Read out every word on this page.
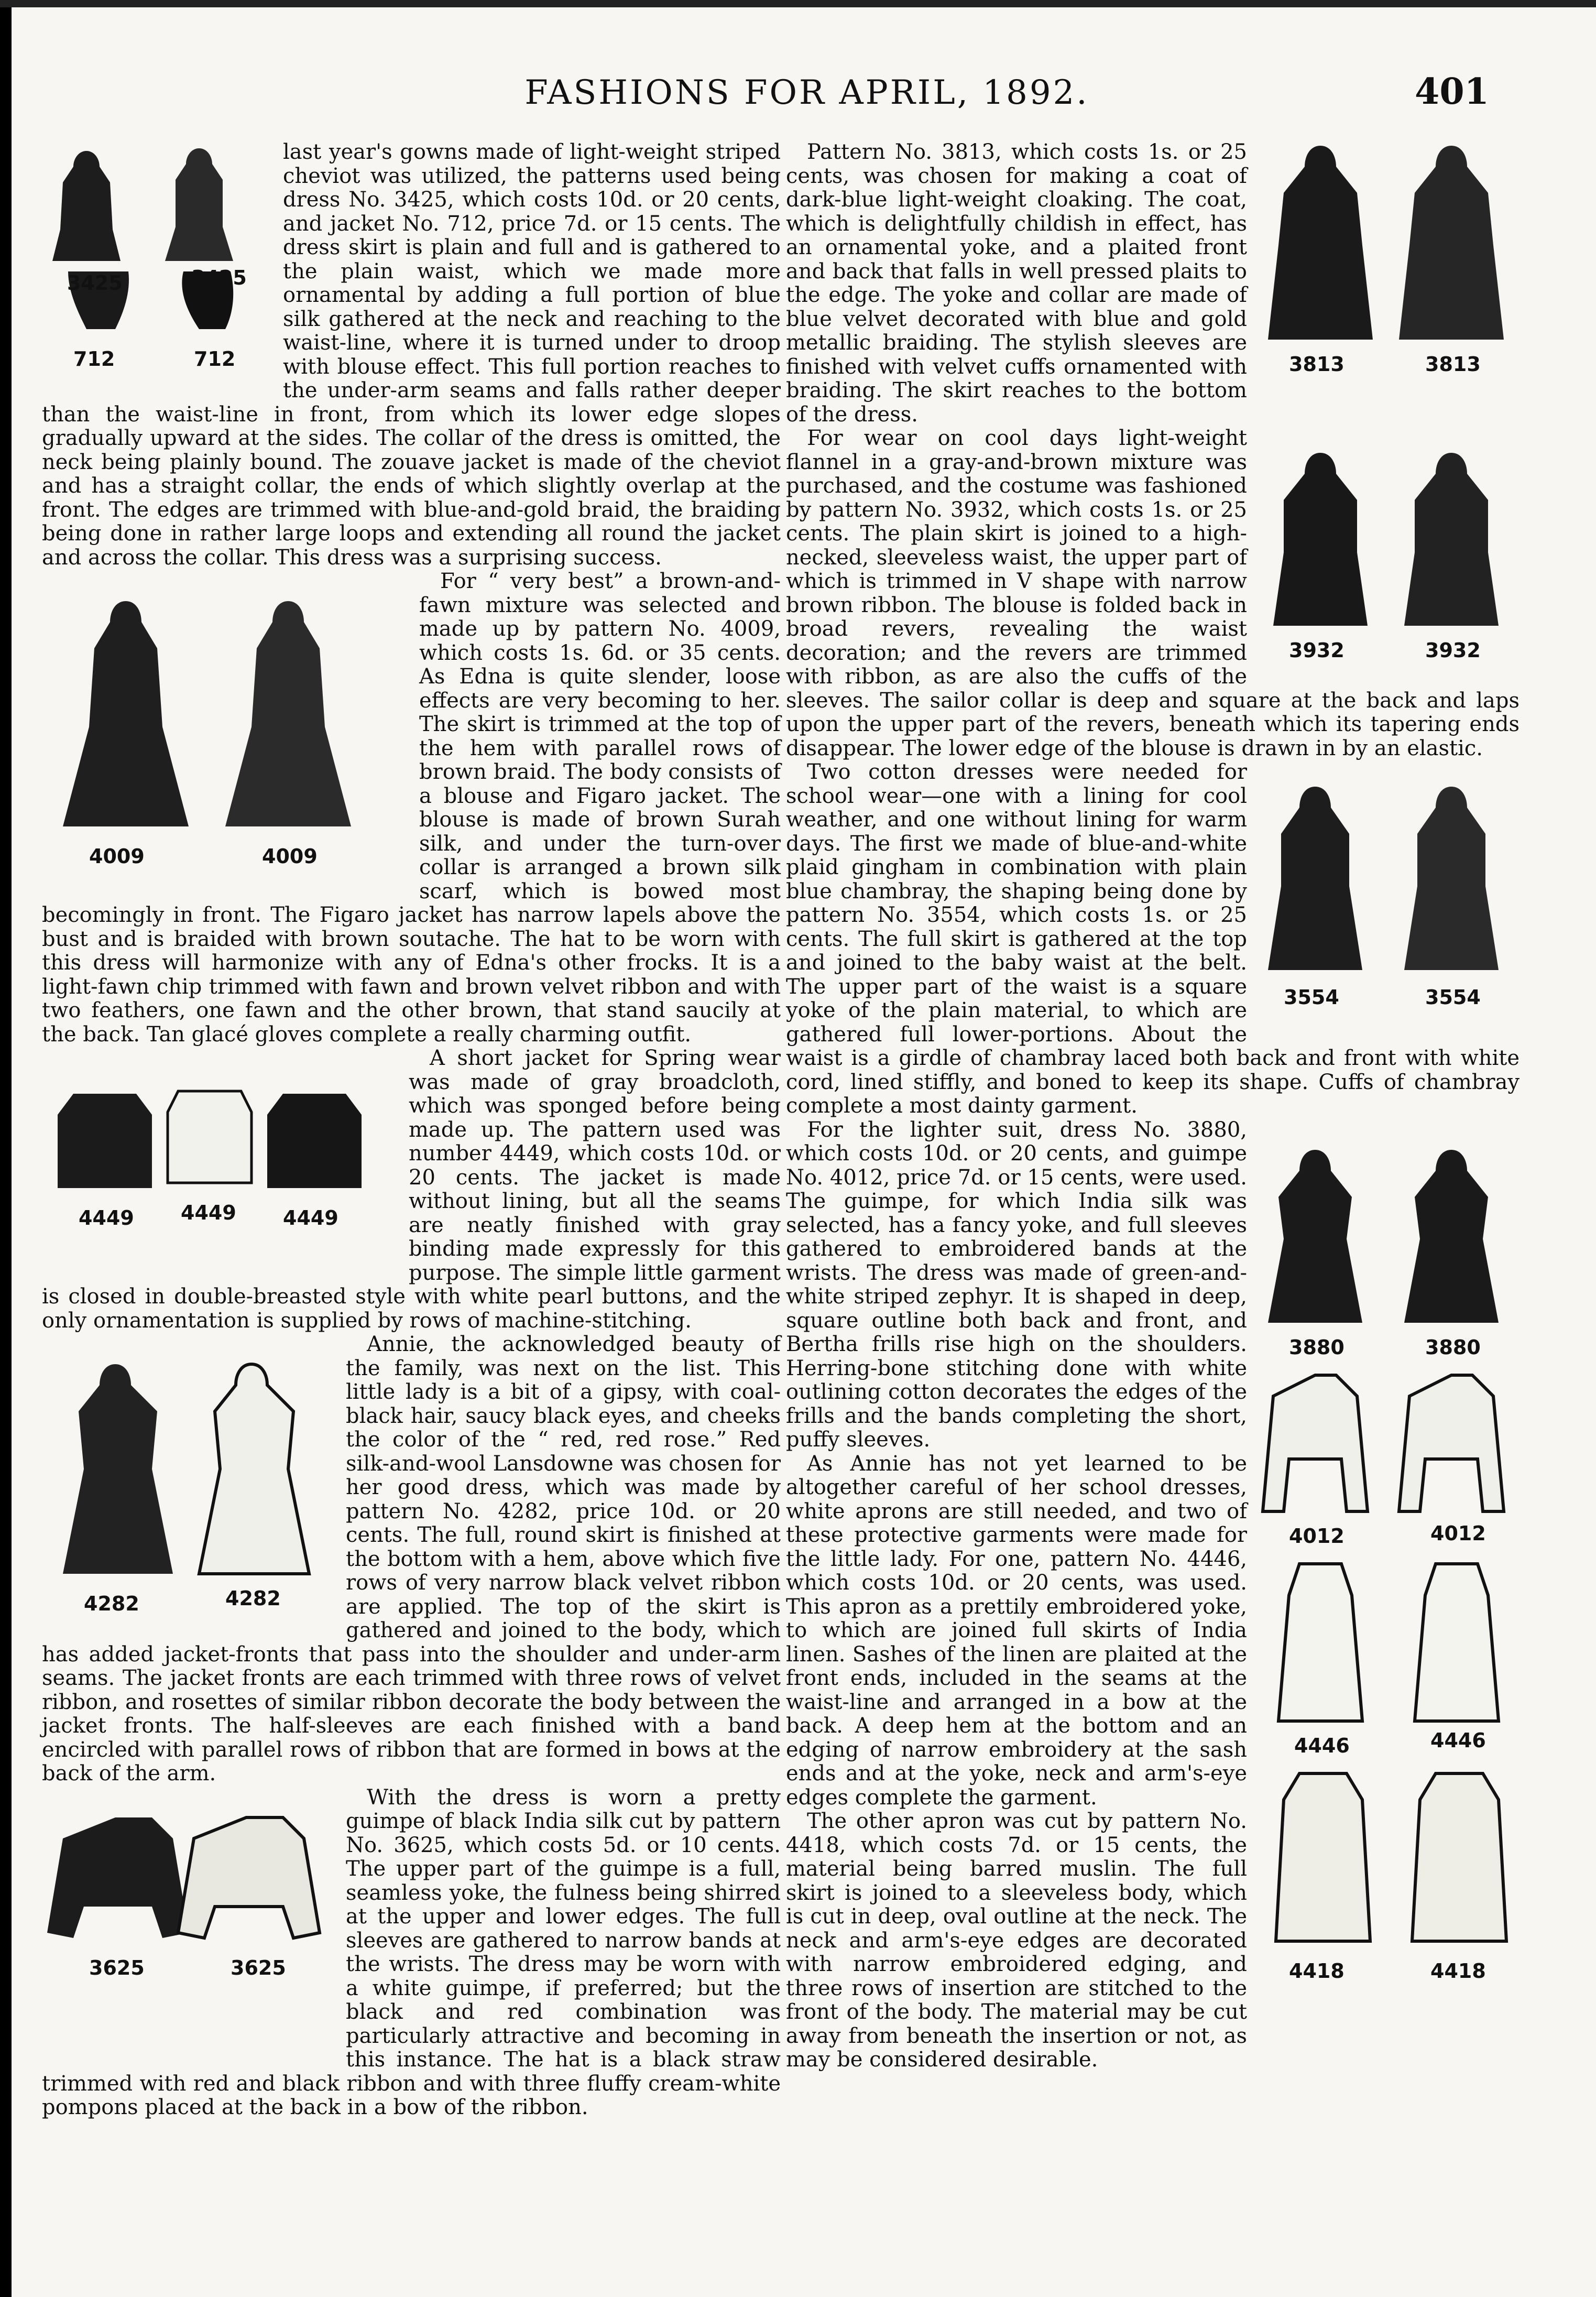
FASHIONS FOR APRIL, 1892.	401
3425	3425
712	712

last year's gowns made of light-weight striped cheviot was utilized, the patterns used being dress No. 3425, which costs 10d. or 20 cents, and jacket No. 712, price 7d. or 15 cents. The dress skirt is plain and full and is gathered to the plain waist, which we made more ornamental by adding a full portion of blue silk gathered at the neck and reaching to the waist-line, where it is turned under to droop with blouse effect. This full portion reaches to the under-arm seams and falls rather deeper than the waist-line in front, from which its lower edge slopes gradually upward at the sides. The collar of the dress is omitted, the neck being plainly bound. The zouave jacket is made of the cheviot and has a straight collar, the ends of which slightly overlap at the front. The edges are trimmed with blue-and-gold braid, the braiding being done in rather large loops and extending all round the jacket and across the collar. This dress was a surprising success.

4009	4009

For “ very best” a brown-and-fawn mixture was selected and made up by pattern No. 4009, which costs 1s. 6d. or 35 cents. As Edna is quite slender, loose effects are very becoming to her. The skirt is trimmed at the top of the hem with parallel rows of brown braid. The body consists of a blouse and Figaro jacket. The blouse is made of brown Surah silk, and under the turn-over collar is arranged a brown silk scarf, which is bowed most becomingly in front. The Figaro jacket has narrow lapels above the bust and is braided with brown soutache. The hat to be worn with this dress will harmonize with any of Edna's other frocks. It is a light-fawn chip trimmed with fawn and brown velvet ribbon and with two feathers, one fawn and the other brown, that stand saucily at the back. Tan glacé gloves complete a really charming outfit.

4449 4449 4449

A short jacket for Spring wear was made of gray broadcloth, which was sponged before being made up. The pattern used was number 4449, which costs 10d. or 20 cents. The jacket is made without lining, but all the seams are neatly finished with gray binding made expressly for this purpose. The simple little garment is closed in double-breasted style with white pearl buttons, and the only ornamentation is supplied by rows of machine-stitching.

4282	4282

Annie, the acknowledged beauty of the family, was next on the list. This little lady is a bit of a gipsy, with coal-black hair, saucy black eyes, and cheeks the color of the “ red, red rose.” Red silk-and-wool Lansdowne was chosen for her good dress, which was made by pattern No. 4282, price 10d. or 20 cents. The full, round skirt is finished at the bottom with a hem, above which five rows of very narrow black velvet ribbon are applied. The top of the skirt is gathered and joined to the body, which has added jacket-fronts that pass into the shoulder and under-arm seams. The jacket fronts are each trimmed with three rows of velvet ribbon, and rosettes of similar ribbon decorate the body between the jacket fronts. The half-sleeves are each finished with a band encircled with parallel rows of ribbon that are formed in bows at the back of the arm.

3625	3625

With the dress is worn a pretty guimpe of black India silk cut by pattern No. 3625, which costs 5d. or 10 cents. The upper part of the guimpe is a full, seamless yoke, the fulness being shirred at the upper and lower edges. The full sleeves are gathered to narrow bands at the wrists. The dress may be worn with a white guimpe, if preferred; but the black and red combination was particularly attractive and becoming in this instance. The hat is a black straw trimmed with red and black ribbon and with three fluffy cream-white pompons placed at the back in a bow of the ribbon.

3813	3813

Pattern No. 3813, which costs 1s. or 25 cents, was chosen for making a coat of dark-blue light-weight cloaking. The coat, which is delightfully childish in effect, has an ornamental yoke, and a plaited front and back that falls in well pressed plaits to the edge. The yoke and collar are made of blue velvet decorated with blue and gold metallic braiding. The stylish sleeves are finished with velvet cuffs ornamented with braiding. The skirt reaches to the bottom of the dress.

3932	3932

For wear on cool days light-weight flannel in a gray-and-brown mixture was purchased, and the costume was fashioned by pattern No. 3932, which costs 1s. or 25 cents. The plain skirt is joined to a high-necked, sleeveless waist, the upper part of which is trimmed in V shape with narrow brown ribbon. The blouse is folded back in broad revers, revealing the waist decoration; and the revers are trimmed with ribbon, as are also the cuffs of the sleeves. The sailor collar is deep and square at the back and laps upon the upper part of the revers, beneath which its tapering ends disappear. The lower edge of the blouse is drawn in by an elastic.

3554	3554

Two cotton dresses were needed for school wear—one with a lining for cool weather, and one without lining for warm days. The first we made of blue-and-white plaid gingham in combination with plain blue chambray, the shaping being done by pattern No. 3554, which costs 1s. or 25 cents. The full skirt is gathered at the top and joined to the baby waist at the belt. The upper part of the waist is a square yoke of the plain material, to which are gathered full lower-portions. About the waist is a girdle of chambray laced both back and front with white cord, lined stiffly, and boned to keep its shape. Cuffs of chambray complete a most dainty garment.

3880	3880
4012	4012
4446	4446
4418	4418

For the lighter suit, dress No. 3880, which costs 10d. or 20 cents, and guimpe No. 4012, price 7d. or 15 cents, were used. The guimpe, for which India silk was selected, has a fancy yoke, and full sleeves gathered to embroidered bands at the wrists. The dress was made of green-and-white striped zephyr. It is shaped in deep, square outline both back and front, and Bertha frills rise high on the shoulders. Herring-bone stitching done with white outlining cotton decorates the edges of the frills and the bands completing the short, puffy sleeves.

As Annie has not yet learned to be altogether careful of her school dresses, white aprons are still needed, and two of these protective garments were made for the little lady. For one, pattern No. 4446, which costs 10d. or 20 cents, was used. This apron as a prettily embroidered yoke, to which are joined full skirts of India linen. Sashes of the linen are plaited at the front ends, included in the seams at the waist-line and arranged in a bow at the back. A deep hem at the bottom and an edging of narrow embroidery at the sash ends and at the yoke, neck and arm's-eye edges complete the garment.

The other apron was cut by pattern No. 4418, which costs 7d. or 15 cents, the material being barred muslin. The full skirt is joined to a sleeveless body, which is cut in deep, oval outline at the neck. The neck and arm's-eye edges are decorated with narrow embroidered edging, and three rows of insertion are stitched to the front of the body. The material may be cut away from beneath the insertion or not, as may be considered desirable.
